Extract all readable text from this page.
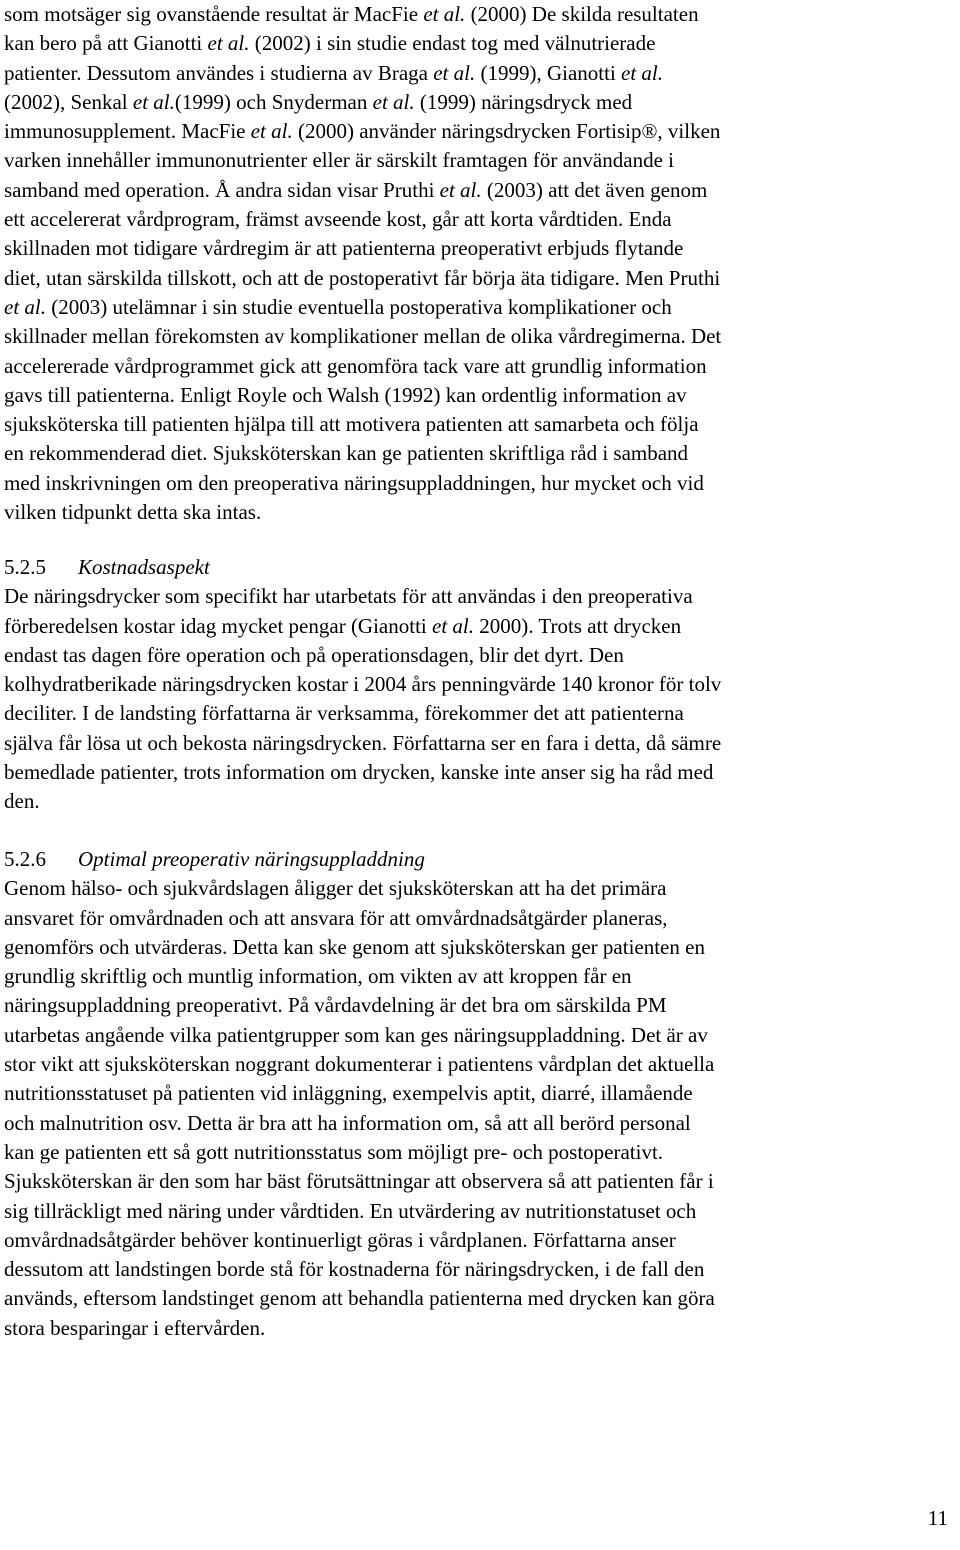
som motsäger sig ovanstående resultat är MacFie et al. (2000) De skilda resultaten
kan bero på att Gianotti et al. (2002) i sin studie endast tog med välnutrierade
patienter. Dessutom användes i studierna av Braga et al. (1999), Gianotti et al.
(2002), Senkal et al.(1999) och Snyderman et al. (1999) näringsdryck med
immunosupplement. MacFie et al. (2000) använder näringsdrycken Fortisip®, vilken
varken innehåller immunonutrienter eller är särskilt framtagen för användande i
samband med operation. Å andra sidan visar Pruthi et al. (2003) att det även genom
ett accelererat vårdprogram, främst avseende kost, går att korta vårdtiden. Enda
skillnaden mot tidigare vårdregim är att patienterna preoperativt erbjuds flytande
diet, utan särskilda tillskott, och att de postoperativt får börja äta tidigare. Men Pruthi
et al. (2003) utelämnar i sin studie eventuella postoperativa komplikationer och
skillnader mellan förekomsten av komplikationer mellan de olika vårdregimerna. Det
accelererade vårdprogrammet gick att genomföra tack vare att grundlig information
gavs till patienterna. Enligt Royle och Walsh (1992) kan ordentlig information av
sjuksköterska till patienten hjälpa till att motivera patienten att samarbeta och följa
en rekommenderad diet. Sjuksköterskan kan ge patienten skriftliga råd i samband
med inskrivningen om den preoperativa näringsuppladdningen, hur mycket och vid
vilken tidpunkt detta ska intas.
5.2.5 Kostnadsaspekt
De näringsdrycker som specifikt har utarbetats för att användas i den preoperativa
förberedelsen kostar idag mycket pengar (Gianotti et al. 2000). Trots att drycken
endast tas dagen före operation och på operationsdagen, blir det dyrt. Den
kolhydratberikade näringsdrycken kostar i 2004 års penningvärde 140 kronor för tolv
deciliter. I de landsting författarna är verksamma, förekommer det att patienterna
själva får lösa ut och bekosta näringsdrycken. Författarna ser en fara i detta, då sämre
bemedlade patienter, trots information om drycken, kanske inte anser sig ha råd med
den.
5.2.6 Optimal preoperativ näringsuppladdning
Genom hälso- och sjukvårdslagen åligger det sjuksköterskan att ha det primära
ansvaret för omvårdnaden och att ansvara för att omvårdnadsåtgärder planeras,
genomförs och utvärderas. Detta kan ske genom att sjuksköterskan ger patienten en
grundlig skriftlig och muntlig information, om vikten av att kroppen får en
näringsuppladdning preoperativt. På vårdavdelning är det bra om särskilda PM
utarbetas angående vilka patientgrupper som kan ges näringsuppladdning. Det är av
stor vikt att sjuksköterskan noggrant dokumenterar i patientens vårdplan det aktuella
nutritionsstatuset på patienten vid inläggning, exempelvis aptit, diarré, illamående
och malnutrition osv. Detta är bra att ha information om, så att all berörd personal
kan ge patienten ett så gott nutritionsstatus som möjligt pre- och postoperativt.
Sjuksköterskan är den som har bäst förutsättningar att observera så att patienten får i
sig tillräckligt med näring under vårdtiden. En utvärdering av nutritionstatuset och
omvårdnadsåtgärder behöver kontinuerligt göras i vårdplanen. Författarna anser
dessutom att landstingen borde stå för kostnaderna för näringsdrycken, i de fall den
används, eftersom landstinget genom att behandla patienterna med drycken kan göra
stora besparingar i eftervården.
11
